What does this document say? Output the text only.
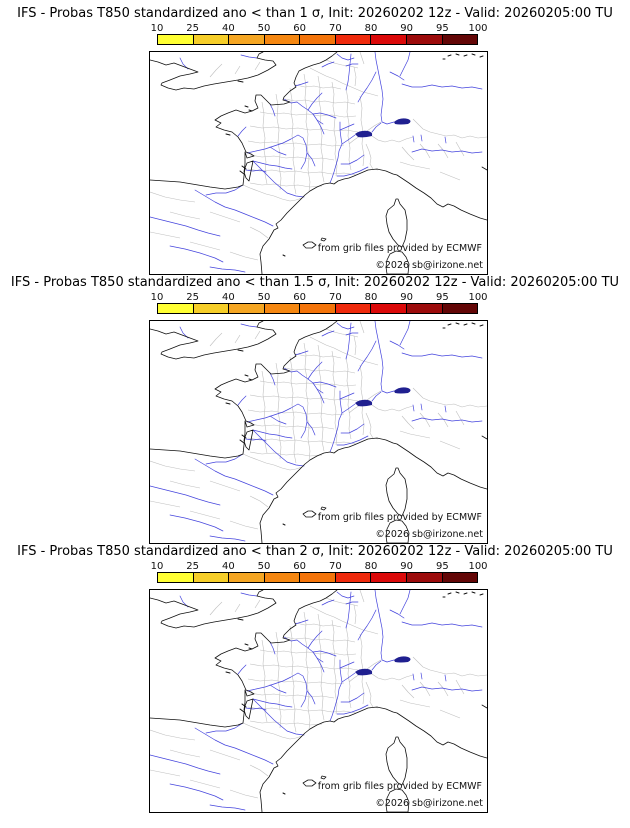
IFS - Probas T850 standardized ano < than 1 σ, Init: 20260202 12z - Valid: 20260205:00 TU
10 25 40 50 60 70 80 90 95 100
IFS - Probas T850 standardized ano < than 1.5 σ, Init: 20260202 12z - Valid: 20260205:00 TU
10 25 40 50 60 70 80 90 95 100
IFS - Probas T850 standardized ano < than 2 σ, Init: 20260202 12z - Valid: 20260205:00 TU
10 25 40 50 60 70 80 90 95 100
